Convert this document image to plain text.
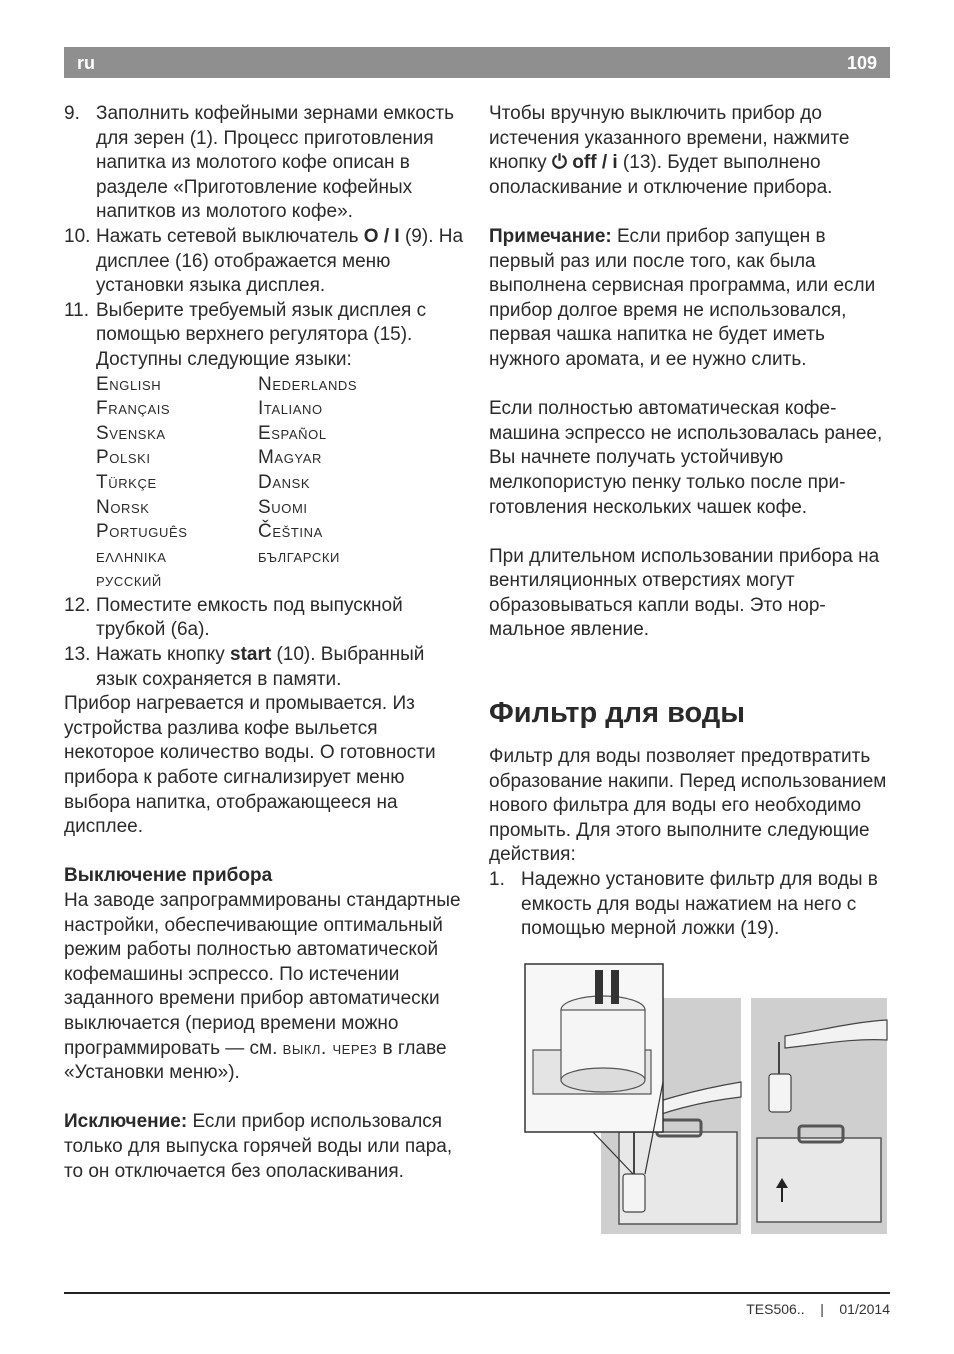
ru	109
9. Заполнить кофейными зернами емкость для зерен (1). Процесс приготовления напитка из молотого кофе описан в разделе «Приготовление кофейных напитков из молотого кофе».
10. Нажать сетевой выключатель O / I (9). На дисплее (16) отображается меню установки языка дисплея.
11. Выберите требуемый язык дисплея с помощью верхнего регулятора (15). Доступны следующие языки:
English	Nederlands
Français	Italiano
Svenska	Español
Polski	Magyar
Türkçe	Dansk
Norsk	Suomi
Português	Čeština
ελλhnika	български
русский
12. Поместите емкость под выпускной трубкой (6a).
13. Нажать кнопку start (10). Выбранный язык сохраняется в памяти.

Прибор нагревается и промывается. Из устройства разлива кофе выльется некоторое количество воды. О готовности прибора к работе сигнализирует меню выбора напитка, отображающееся на дисплее.

Выключение прибора

На заводе запрограммированы стандартные настройки, обеспечивающие оптимальный режим работы полностью автоматической кофемашины эспрессо. По истечении заданного времени прибор автоматически выключается (период времени можно программировать — см. выкл. через в главе «Установки меню»).

Исключение: Если прибор использовался только для выпуска горячей воды или пара, то он отключается без ополаскивания.

Чтобы вручную выключить прибор до истечения указанного времени, нажмите кнопку ⏻ off / i (13). Будет выполнено ополаскивание и отключение прибора.

Примечание: Если прибор запущен в первый раз или после того, как была выполнена сервисная программа, или если прибор долгое время не использовался, первая чашка напитка не будет иметь нужного аромата, и ее нужно слить.

Если полностью автоматическая кофемашина эспрессо не использовалась ранее, Вы начнете получать устойчивую мелкопористую пенку только после приготовления нескольких чашек кофе.

При длительном использовании прибора на вентиляционных отверстиях могут образовываться капли воды. Это нормальное явление.

Фильтр для воды

Фильтр для воды позволяет предотвратить образование накипи. Перед использованием нового фильтра для воды его необходимо промыть. Для этого выполните следующие действия:

1. Надежно установите фильтр для воды в емкость для воды нажатием на него с помощью мерной ложки (19).
TES506.. | 01/2014
